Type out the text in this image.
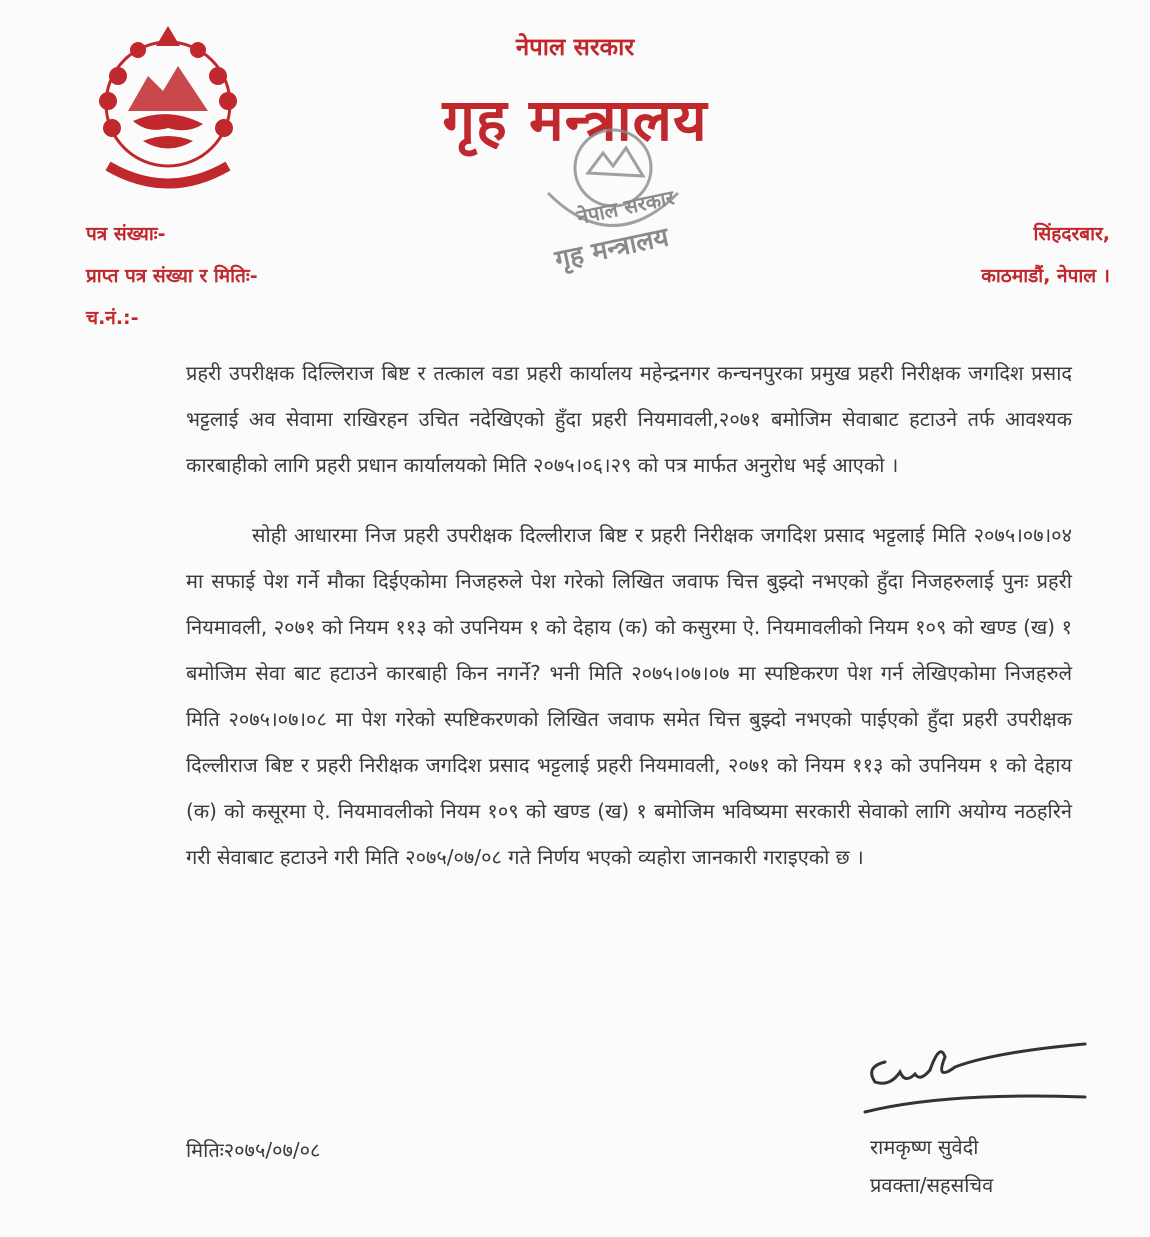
नेपाल सरकार
गृह मन्त्रालय
नेपाल सरकार
गृह मन्त्रालय
पत्र संख्याः-
प्राप्त पत्र संख्या र मितिः-
च.नं.:-
सिंहदरबार,
काठमाडौं, नेपाल ।

प्रहरी उपरीक्षक दिल्लिराज बिष्ट र तत्काल वडा प्रहरी कार्यालय महेन्द्रनगर कन्चनपुरका प्रमुख प्रहरी निरीक्षक जगदिश प्रसाद भट्टलाई अव सेवामा राखिरहन उचित नदेखिएको हुँदा प्रहरी नियमावली,२०७१ बमोजिम सेवाबाट हटाउने तर्फ आवश्यक कारबाहीको लागि प्रहरी प्रधान कार्यालयको मिति २०७५।०६।२९ को पत्र मार्फत अनुरोध भई आएको ।

सोही आधारमा निज प्रहरी उपरीक्षक दिल्लीराज बिष्ट र प्रहरी निरीक्षक जगदिश प्रसाद भट्टलाई मिति २०७५।०७।०४ मा सफाई पेश गर्ने मौका दिईएकोमा निजहरुले पेश गरेको लिखित जवाफ चित्त बुझ्दो नभएको हुँदा निजहरुलाई पुनः प्रहरी नियमावली, २०७१ को नियम ११३ को उपनियम १ को देहाय (क) को कसुरमा ऐ. नियमावलीको नियम १०९ को खण्ड (ख) १ बमोजिम सेवा बाट हटाउने कारबाही किन नगर्ने? भनी मिति २०७५।०७।०७ मा स्पष्टिकरण पेश गर्न लेखिएकोमा निजहरुले मिति २०७५।०७।०८ मा पेश गरेको स्पष्टिकरणको लिखित जवाफ समेत चित्त बुझ्दो नभएको पाईएको हुँदा प्रहरी उपरीक्षक दिल्लीराज बिष्ट र प्रहरी निरीक्षक जगदिश प्रसाद भट्टलाई प्रहरी नियमावली, २०७१ को नियम ११३ को उपनियम १ को देहाय (क) को कसूरमा ऐ. नियमावलीको नियम १०९ को खण्ड (ख) १ बमोजिम भविष्यमा सरकारी सेवाको लागि अयोग्य नठहरिने गरी सेवाबाट हटाउने गरी मिति २०७५/०७/०८ गते निर्णय भएको व्यहोरा जानकारी गराइएको छ ।

मितिः२०७५/०७/०८	रामकृष्ण सुवेदी
प्रवक्ता/सहसचिव
